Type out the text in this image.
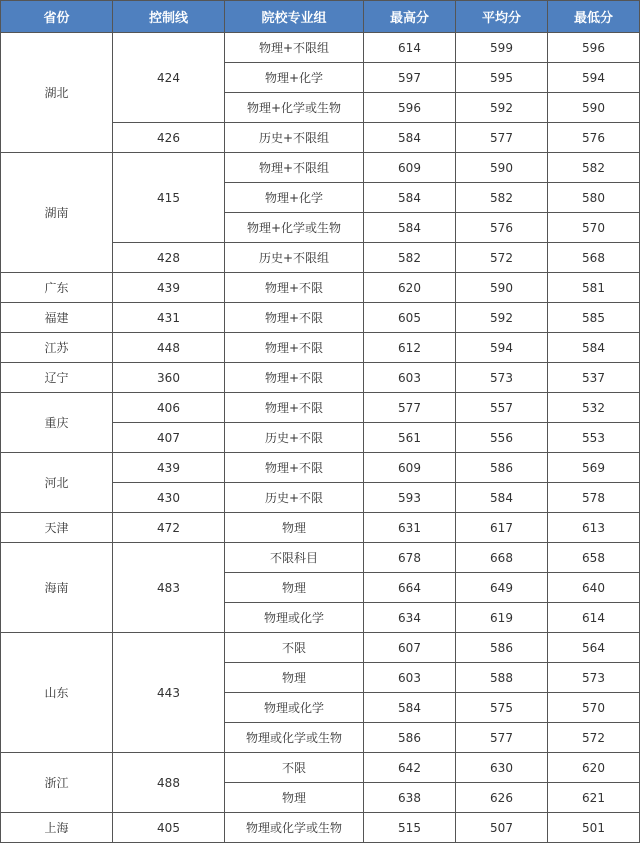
省份	控制线	院校专业组	最高分	平均分	最低分
湖北	424	物理+不限组	614	599	596
		物理+化学	597	595	594
		物理+化学或生物	596	592	590
	426	历史+不限组	584	577	576
湖南	415	物理+不限组	609	590	582
		物理+化学	584	582	580
		物理+化学或生物	584	576	570
	428	历史+不限组	582	572	568
广东	439	物理+不限	620	590	581
福建	431	物理+不限	605	592	585
江苏	448	物理+不限	612	594	584
辽宁	360	物理+不限	603	573	537
重庆	406	物理+不限	577	557	532
	407	历史+不限	561	556	553
河北	439	物理+不限	609	586	569
	430	历史+不限	593	584	578
天津	472	物理	631	617	613
海南	483	不限科目	678	668	658
		物理	664	649	640
		物理或化学	634	619	614
山东	443	不限	607	586	564
		物理	603	588	573
		物理或化学	584	575	570
		物理或化学或生物	586	577	572
浙江	488	不限	642	630	620
		物理	638	626	621
上海	405	物理或化学或生物	515	507	501
